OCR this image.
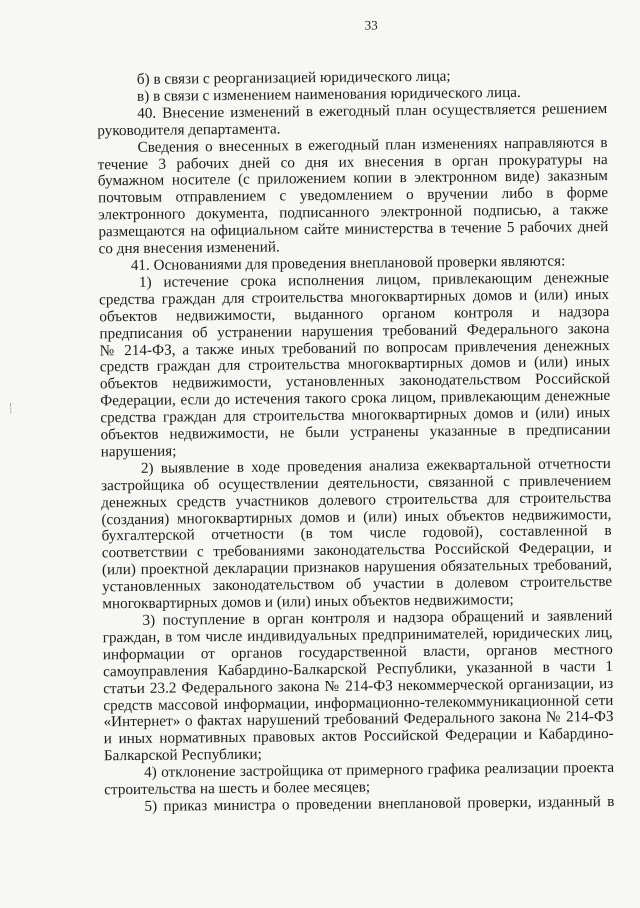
33
б) в связи с реорганизацией юридического лица;
в) в связи с изменением наименования юридического лица.
40. Внесение изменений в ежегодный план осуществляется решением
руководителя департамента.
Сведения о внесенных в ежегодный план изменениях направляются в
течение 3 рабочих дней со дня их внесения в орган прокуратуры на
бумажном носителе (с приложением копии в электронном виде) заказным
почтовым отправлением с уведомлением о вручении либо в форме
электронного документа, подписанного электронной подписью, а также
размещаются на официальном сайте министерства в течение 5 рабочих дней
со дня внесения изменений.
41. Основаниями для проведения внеплановой проверки являются:
1) истечение срока исполнения лицом, привлекающим денежные
средства граждан для строительства многоквартирных домов и (или) иных
объектов недвижимости, выданного органом контроля и надзора
предписания об устранении нарушения требований Федерального закона
№ 214-ФЗ, а также иных требований по вопросам привлечения денежных
средств граждан для строительства многоквартирных домов и (или) иных
объектов недвижимости, установленных законодательством Российской
Федерации, если до истечения такого срока лицом, привлекающим денежные
средства граждан для строительства многоквартирных домов и (или) иных
объектов недвижимости, не были устранены указанные в предписании
нарушения;
2) выявление в ходе проведения анализа ежеквартальной отчетности
застройщика об осуществлении деятельности, связанной с привлечением
денежных средств участников долевого строительства для строительства
(создания) многоквартирных домов и (или) иных объектов недвижимости,
бухгалтерской отчетности (в том числе годовой), составленной в
соответствии с требованиями законодательства Российской Федерации, и
(или) проектной декларации признаков нарушения обязательных требований,
установленных законодательством об участии в долевом строительстве
многоквартирных домов и (или) иных объектов недвижимости;
3) поступление в орган контроля и надзора обращений и заявлений
граждан, в том числе индивидуальных предпринимателей, юридических лиц,
информации от органов государственной власти, органов местного
самоуправления Кабардино-Балкарской Республики, указанной в части 1
статьи 23.2 Федерального закона № 214-ФЗ некоммерческой организации, из
средств массовой информации, информационно-телекоммуникационной сети
«Интернет» о фактах нарушений требований Федерального закона № 214-ФЗ
и иных нормативных правовых актов Российской Федерации и Кабардино-
Балкарской Республики;
4) отклонение застройщика от примерного графика реализации проекта
строительства на шесть и более месяцев;
5) приказ министра о проведении внеплановой проверки, изданный в
